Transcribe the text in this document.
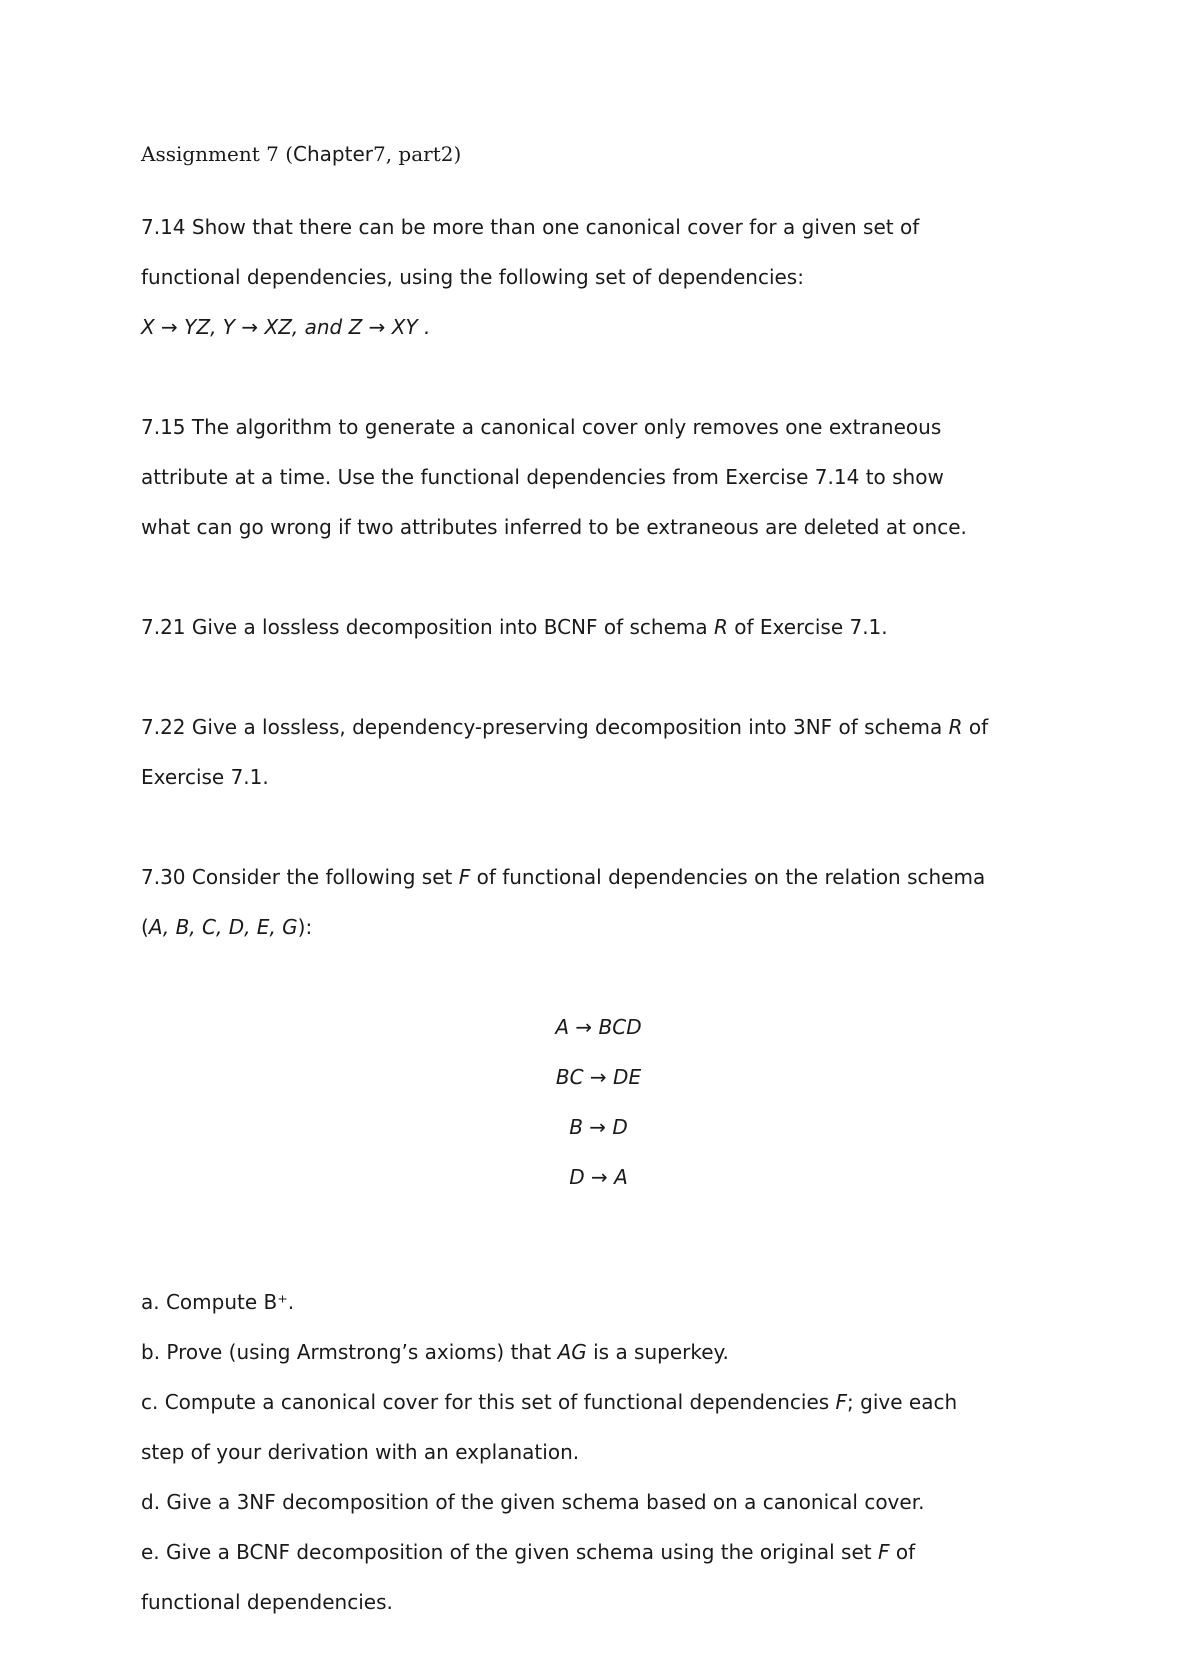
Assignment 7 (Chapter7, part2)

7.14 Show that there can be more than one canonical cover for a given set of

functional dependencies, using the following set of dependencies:

X → YZ, Y → XZ, and Z → XY .

7.15 The algorithm to generate a canonical cover only removes one extraneous

attribute at a time. Use the functional dependencies from Exercise 7.14 to show

what can go wrong if two attributes inferred to be extraneous are deleted at once.

7.21 Give a lossless decomposition into BCNF of schema R of Exercise 7.1.

7.22 Give a lossless, dependency-preserving decomposition into 3NF of schema R of

Exercise 7.1.

7.30 Consider the following set F of functional dependencies on the relation schema

(A, B, C, D, E, G):

A → BCD

BC → DE

B → D

D → A

a. Compute B⁺.

b. Prove (using Armstrong’s axioms) that AG is a superkey.

c. Compute a canonical cover for this set of functional dependencies F; give each

step of your derivation with an explanation.

d. Give a 3NF decomposition of the given schema based on a canonical cover.

e. Give a BCNF decomposition of the given schema using the original set F of

functional dependencies.
